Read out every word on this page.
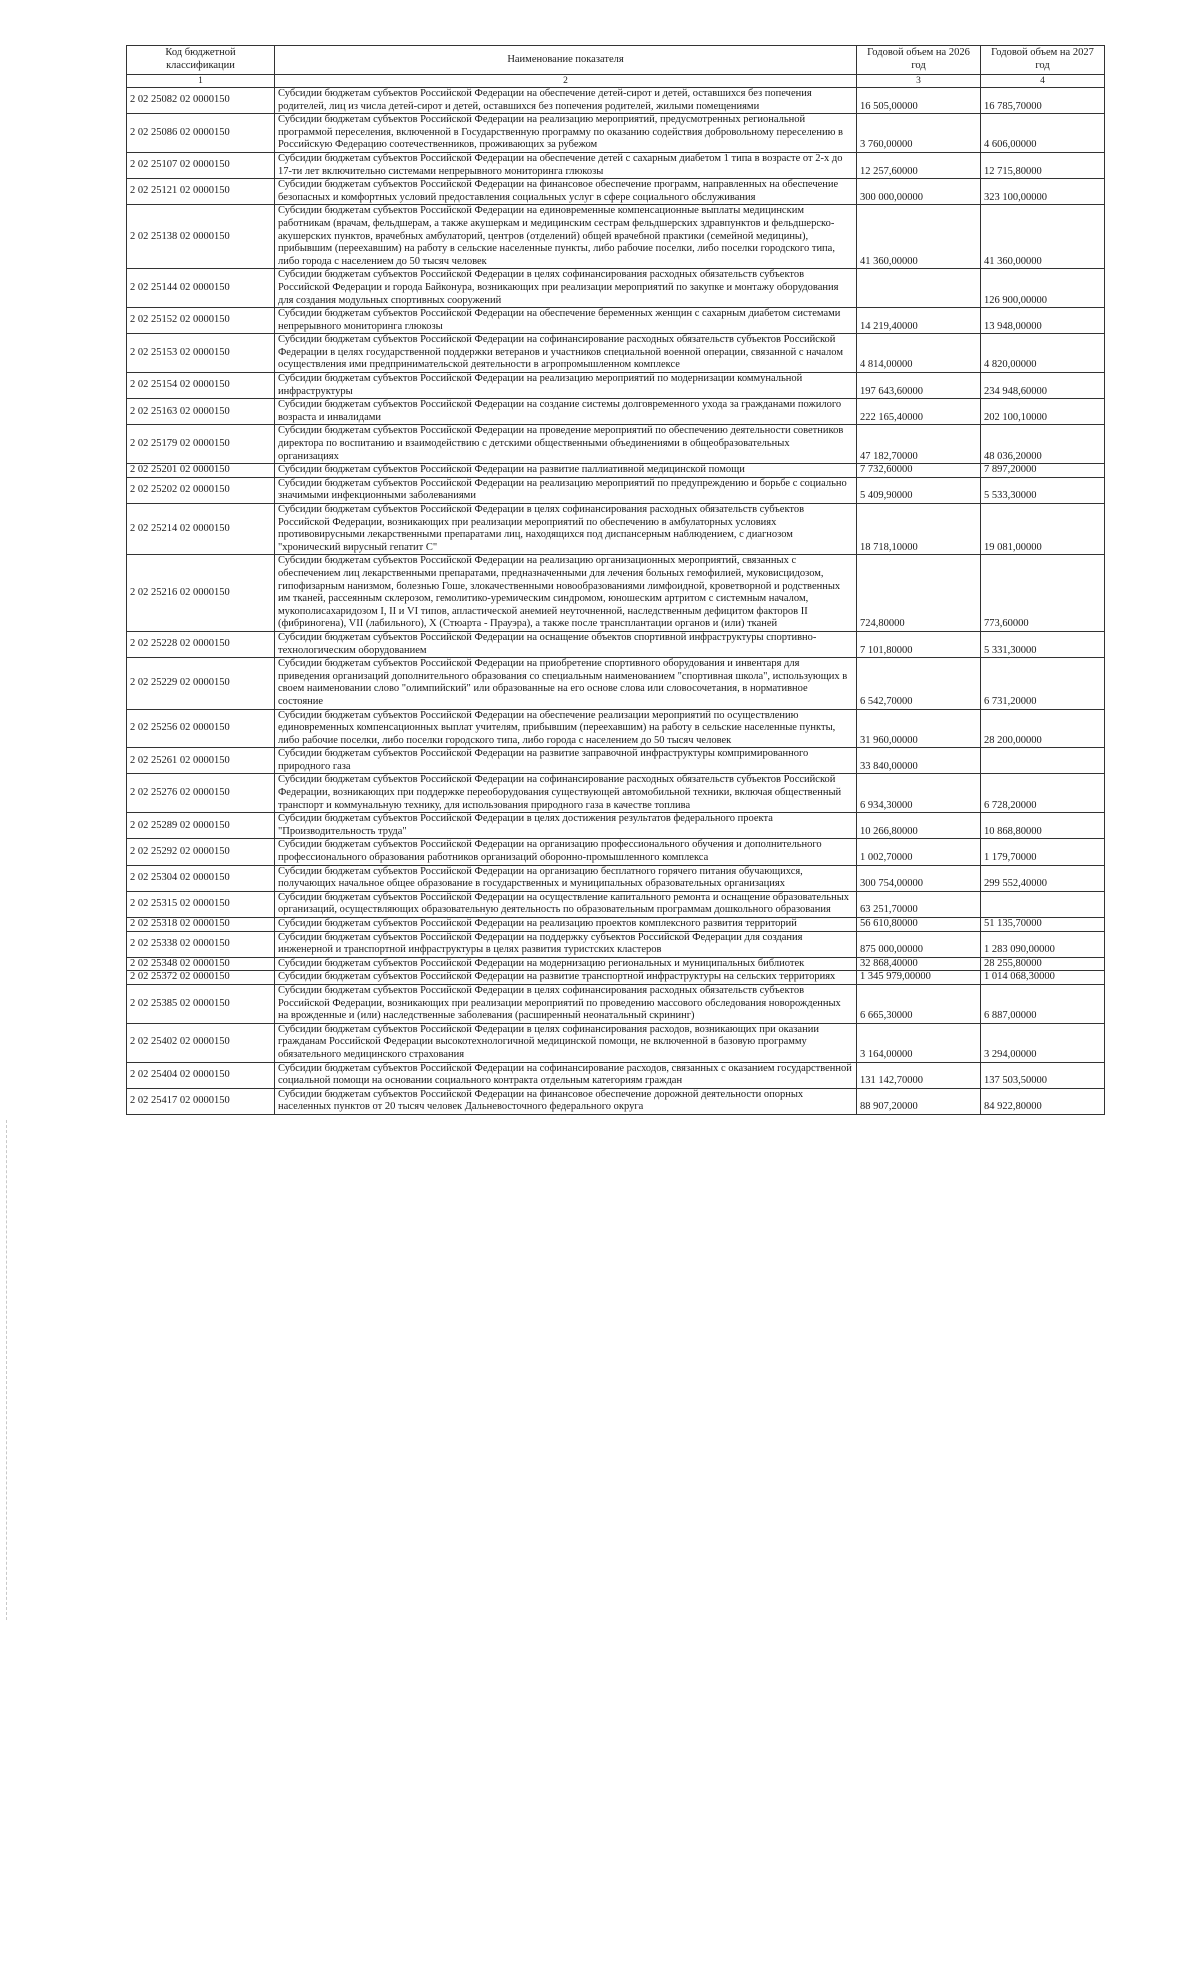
Код бюджетной классификации	Наименование показателя	Годовой объем на 2026 год	Годовой объем на 2027 год
1	2	3	4
2 02 25082 02 0000150	Субсидии бюджетам субъектов Российской Федерации на обеспечение детей-сирот и детей, оставшихся без попечения родителей, лиц из числа детей-сирот и детей, оставшихся без попечения родителей, жилыми помещениями	16 505,00000	16 785,70000
2 02 25086 02 0000150	Субсидии бюджетам субъектов Российской Федерации на реализацию мероприятий, предусмотренных региональной программой переселения, включенной в Государственную программу по оказанию содействия добровольному переселению в Российскую Федерацию соотечественников, проживающих за рубежом	3 760,00000	4 606,00000
2 02 25107 02 0000150	Субсидии бюджетам субъектов Российской Федерации на обеспечение детей с сахарным диабетом 1 типа в возрасте от 2-х до 17-ти лет включительно системами непрерывного мониторинга глюкозы	12 257,60000	12 715,80000
2 02 25121 02 0000150	Субсидии бюджетам субъектов Российской Федерации на финансовое обеспечение программ, направленных на обеспечение безопасных и комфортных условий предоставления социальных услуг в сфере социального обслуживания	300 000,00000	323 100,00000
2 02 25138 02 0000150	Субсидии бюджетам субъектов Российской Федерации на единовременные компенсационные выплаты медицинским работникам (врачам, фельдшерам, а также акушеркам и медицинским сестрам фельдшерских здравпунктов и фельдшерско-акушерских пунктов, врачебных амбулаторий, центров (отделений) общей врачебной практики (семейной медицины), прибывшим (переехавшим) на работу в сельские населенные пункты, либо рабочие поселки, либо поселки городского типа, либо города с населением до 50 тысяч человек	41 360,00000	41 360,00000
2 02 25144 02 0000150	Субсидии бюджетам субъектов Российской Федерации в целях софинансирования расходных обязательств субъектов Российской Федерации и города Байконура, возникающих при реализации мероприятий по закупке и монтажу оборудования для создания модульных спортивных сооружений		126 900,00000
2 02 25152 02 0000150	Субсидии бюджетам субъектов Российской Федерации на обеспечение беременных женщин с сахарным диабетом системами непрерывного мониторинга глюкозы	14 219,40000	13 948,00000
2 02 25153 02 0000150	Субсидии бюджетам субъектов Российской Федерации на софинансирование расходных обязательств субъектов Российской Федерации в целях государственной поддержки ветеранов и участников специальной военной операции, связанной с началом осуществления ими предпринимательской деятельности в агропромышленном комплексе	4 814,00000	4 820,00000
2 02 25154 02 0000150	Субсидии бюджетам субъектов Российской Федерации на реализацию мероприятий по модернизации коммунальной инфраструктуры	197 643,60000	234 948,60000
2 02 25163 02 0000150	Субсидии бюджетам субъектов Российской Федерации на создание системы долговременного ухода за гражданами пожилого возраста и инвалидами	222 165,40000	202 100,10000
2 02 25179 02 0000150	Субсидии бюджетам субъектов Российской Федерации на проведение мероприятий по обеспечению деятельности советников директора по воспитанию и взаимодействию с детскими общественными объединениями в общеобразовательных организациях	47 182,70000	48 036,20000
2 02 25201 02 0000150	Субсидии бюджетам субъектов Российской Федерации на развитие паллиативной медицинской помощи	7 732,60000	7 897,20000
2 02 25202 02 0000150	Субсидии бюджетам субъектов Российской Федерации на реализацию мероприятий по предупреждению и борьбе с социально значимыми инфекционными заболеваниями	5 409,90000	5 533,30000
2 02 25214 02 0000150	Субсидии бюджетам субъектов Российской Федерации в целях софинансирования расходных обязательств субъектов Российской Федерации, возникающих при реализации мероприятий по обеспечению в амбулаторных условиях противовирусными лекарственными препаратами лиц, находящихся под диспансерным наблюдением, с диагнозом "хронический вирусный гепатит С"	18 718,10000	19 081,00000
2 02 25216 02 0000150	Субсидии бюджетам субъектов Российской Федерации на реализацию организационных мероприятий, связанных с обеспечением лиц лекарственными препаратами, предназначенными для лечения больных гемофилией, муковисцидозом, гипофизарным нанизмом, болезнью Гоше, злокачественными новообразованиями лимфоидной, кроветворной и родственных им тканей, рассеянным склерозом, гемолитико-уремическим синдромом, юношеским артритом с системным началом, мукополисахаридозом I, II и VI типов, апластической анемией неуточненной, наследственным дефицитом факторов II (фибриногена), VII (лабильного), X (Стюарта - Прауэра), а также после трансплантации органов и (или) тканей	724,80000	773,60000
2 02 25228 02 0000150	Субсидии бюджетам субъектов Российской Федерации на оснащение объектов спортивной инфраструктуры спортивно-технологическим оборудованием	7 101,80000	5 331,30000
2 02 25229 02 0000150	Субсидии бюджетам субъектов Российской Федерации на приобретение спортивного оборудования и инвентаря для приведения организаций дополнительного образования со специальным наименованием "спортивная школа", использующих в своем наименовании слово "олимпийский" или образованные на его основе слова или словосочетания, в нормативное состояние	6 542,70000	6 731,20000
2 02 25256 02 0000150	Субсидии бюджетам субъектов Российской Федерации на обеспечение реализации мероприятий по осуществлению единовременных компенсационных выплат учителям, прибывшим (переехавшим) на работу в сельские населенные пункты, либо рабочие поселки, либо поселки городского типа, либо города с населением до 50 тысяч человек	31 960,00000	28 200,00000
2 02 25261 02 0000150	Субсидии бюджетам субъектов Российской Федерации на развитие заправочной инфраструктуры компримированного природного газа	33 840,00000	
2 02 25276 02 0000150	Субсидии бюджетам субъектов Российской Федерации на софинансирование расходных обязательств субъектов Российской Федерации, возникающих при поддержке переоборудования существующей автомобильной техники, включая общественный транспорт и коммунальную технику, для использования природного газа в качестве топлива	6 934,30000	6 728,20000
2 02 25289 02 0000150	Субсидии бюджетам субъектов Российской Федерации в целях достижения результатов федерального проекта "Производительность труда"	10 266,80000	10 868,80000
2 02 25292 02 0000150	Субсидии бюджетам субъектов Российской Федерации на организацию профессионального обучения и дополнительного профессионального образования работников организаций оборонно-промышленного комплекса	1 002,70000	1 179,70000
2 02 25304 02 0000150	Субсидии бюджетам субъектов Российской Федерации на организацию бесплатного горячего питания обучающихся, получающих начальное общее образование в государственных и муниципальных образовательных организациях	300 754,00000	299 552,40000
2 02 25315 02 0000150	Субсидии бюджетам субъектов Российской Федерации на осуществление капитального ремонта и оснащение образовательных организаций, осуществляющих образовательную деятельность по образовательным программам дошкольного образования	63 251,70000	
2 02 25318 02 0000150	Субсидии бюджетам субъектов Российской Федерации на реализацию проектов комплексного развития территорий	56 610,80000	51 135,70000
2 02 25338 02 0000150	Субсидии бюджетам субъектов Российской Федерации на поддержку субъектов Российской Федерации для создания инженерной и транспортной инфраструктуры в целях развития туристских кластеров	875 000,00000	1 283 090,00000
2 02 25348 02 0000150	Субсидии бюджетам субъектов Российской Федерации на модернизацию региональных и муниципальных библиотек	32 868,40000	28 255,80000
2 02 25372 02 0000150	Субсидии бюджетам субъектов Российской Федерации на развитие транспортной инфраструктуры на сельских территориях	1 345 979,00000	1 014 068,30000
2 02 25385 02 0000150	Субсидии бюджетам субъектов Российской Федерации в целях софинансирования расходных обязательств субъектов Российской Федерации, возникающих при реализации мероприятий по проведению массового обследования новорожденных на врожденные и (или) наследственные заболевания (расширенный неонатальный скрининг)	6 665,30000	6 887,00000
2 02 25402 02 0000150	Субсидии бюджетам субъектов Российской Федерации в целях софинансирования расходов, возникающих при оказании гражданам Российской Федерации высокотехнологичной медицинской помощи, не включенной в базовую программу обязательного медицинского страхования	3 164,00000	3 294,00000
2 02 25404 02 0000150	Субсидии бюджетам субъектов Российской Федерации на софинансирование расходов, связанных с оказанием государственной социальной помощи на основании социального контракта отдельным категориям граждан	131 142,70000	137 503,50000
2 02 25417 02 0000150	Субсидии бюджетам субъектов Российской Федерации на финансовое обеспечение дорожной деятельности опорных населенных пунктов от 20 тысяч человек Дальневосточного федерального округа	88 907,20000	84 922,80000
